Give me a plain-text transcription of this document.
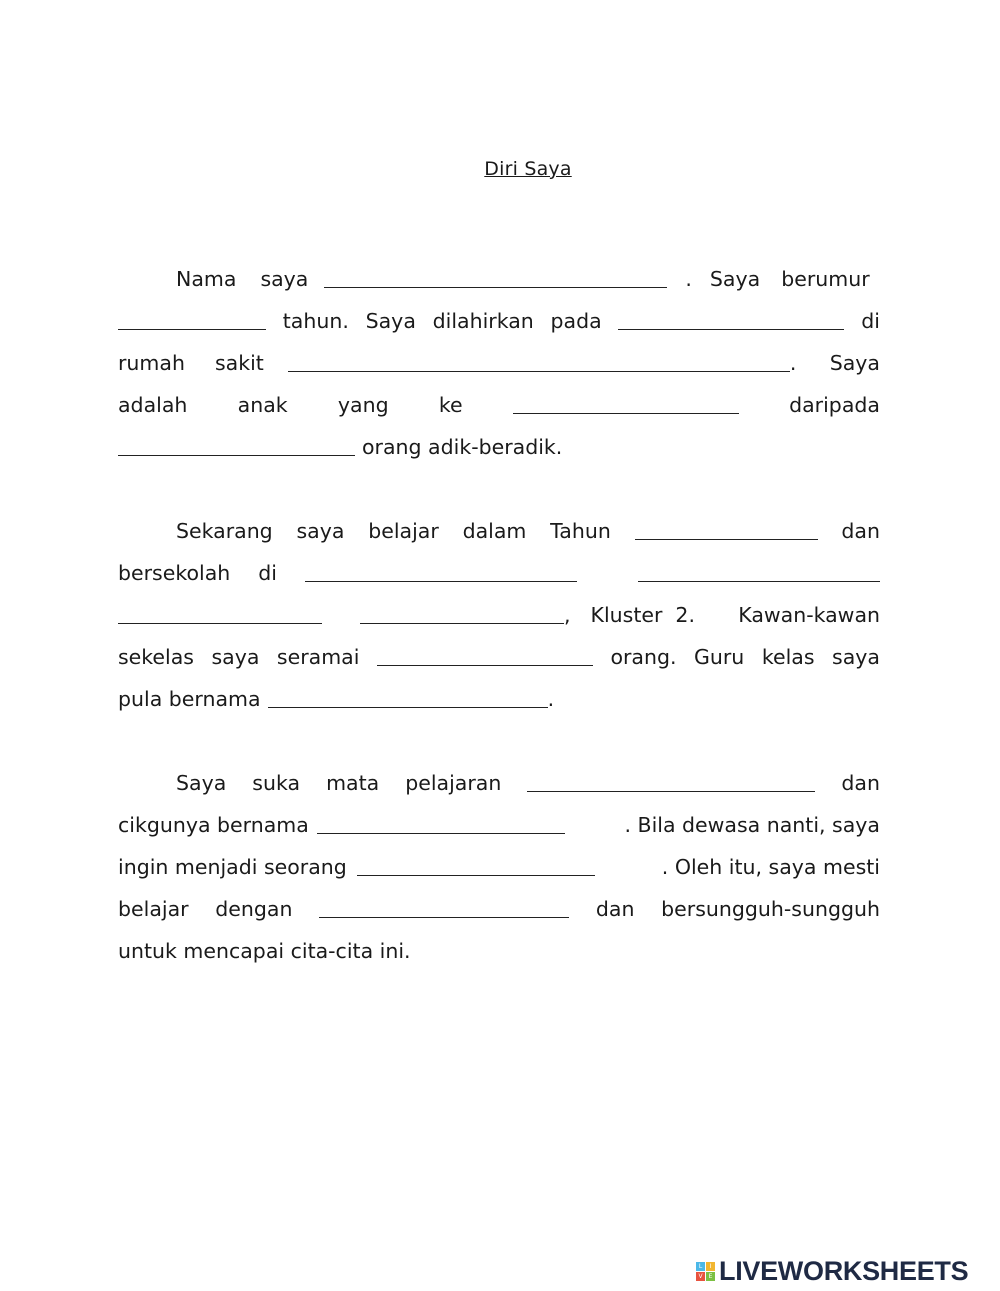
Diri Saya
Nama saya	. Saya berumur
tahun. Saya dilahirkan pada	di
rumah sakit	. Saya
adalah anak yang ke	daripada
orang adik-beradik.
Sekarang saya belajar dalam Tahun	dan
bersekolah di
, Kluster 2. Kawan-kawan
sekelas saya seramai	orang. Guru kelas saya
pula bernama	.
Saya suka mata pelajaran	dan
cikgunya bernama	. Bila dewasa nanti, saya
ingin menjadi seorang	. Oleh itu, saya mesti
belajar dengan	dan bersungguh-sungguh
untuk mencapai cita-cita ini.
L	I
V	E LIVEWORKSHEETS
